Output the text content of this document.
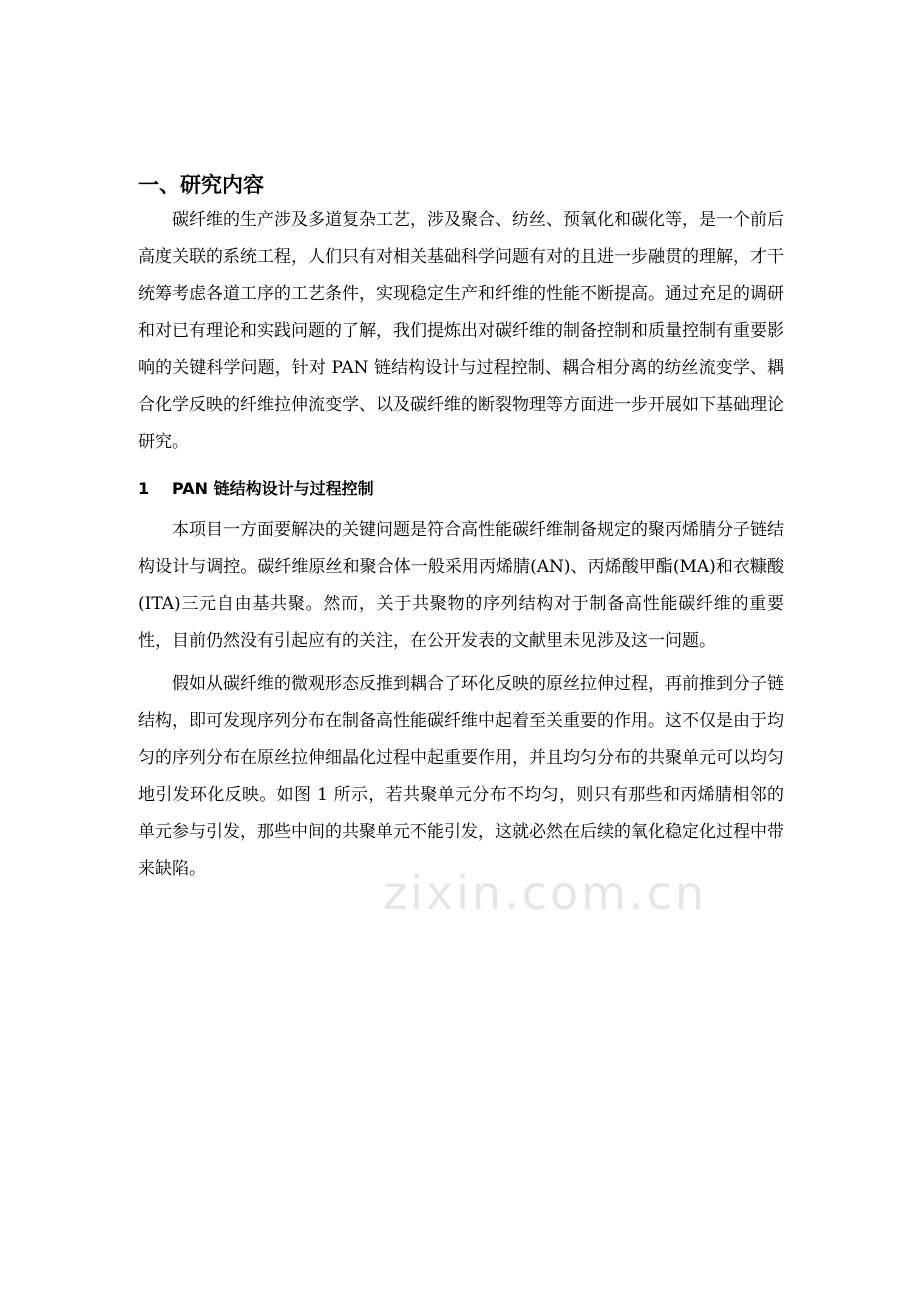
一、研究内容

碳纤维的生产涉及多道复杂工艺，涉及聚合、纺丝、预氧化和碳化等，是一个前后高度关联的系统工程，人们只有对相关基础科学问题有对的且进一步融贯的理解，才干统筹考虑各道工序的工艺条件，实现稳定生产和纤维的性能不断提高。通过充足的调研和对已有理论和实践问题的了解，我们提炼出对碳纤维的制备控制和质量控制有重要影响的关键科学问题，针对 PAN 链结构设计与过程控制、耦合相分离的纺丝流变学、耦合化学反映的纤维拉伸流变学、以及碳纤维的断裂物理等方面进一步开展如下基础理论研究。

1 PAN 链结构设计与过程控制

本项目一方面要解决的关键问题是符合高性能碳纤维制备规定的聚丙烯腈分子链结构设计与调控。碳纤维原丝和聚合体一般采用丙烯腈(AN)、丙烯酸甲酯(MA)和衣糠酸(ITA)三元自由基共聚。然而，关于共聚物的序列结构对于制备高性能碳纤维的重要性，目前仍然没有引起应有的关注，在公开发表的文献里未见涉及这一问题。

假如从碳纤维的微观形态反推到耦合了环化反映的原丝拉伸过程，再前推到分子链结构，即可发现序列分布在制备高性能碳纤维中起着至关重要的作用。这不仅是由于均匀的序列分布在原丝拉伸细晶化过程中起重要作用，并且均匀分布的共聚单元可以均匀地引发环化反映。如图 1 所示，若共聚单元分布不均匀，则只有那些和丙烯腈相邻的单元参与引发，那些中间的共聚单元不能引发，这就必然在后续的氧化稳定化过程中带来缺陷。	zixin.com.cn
